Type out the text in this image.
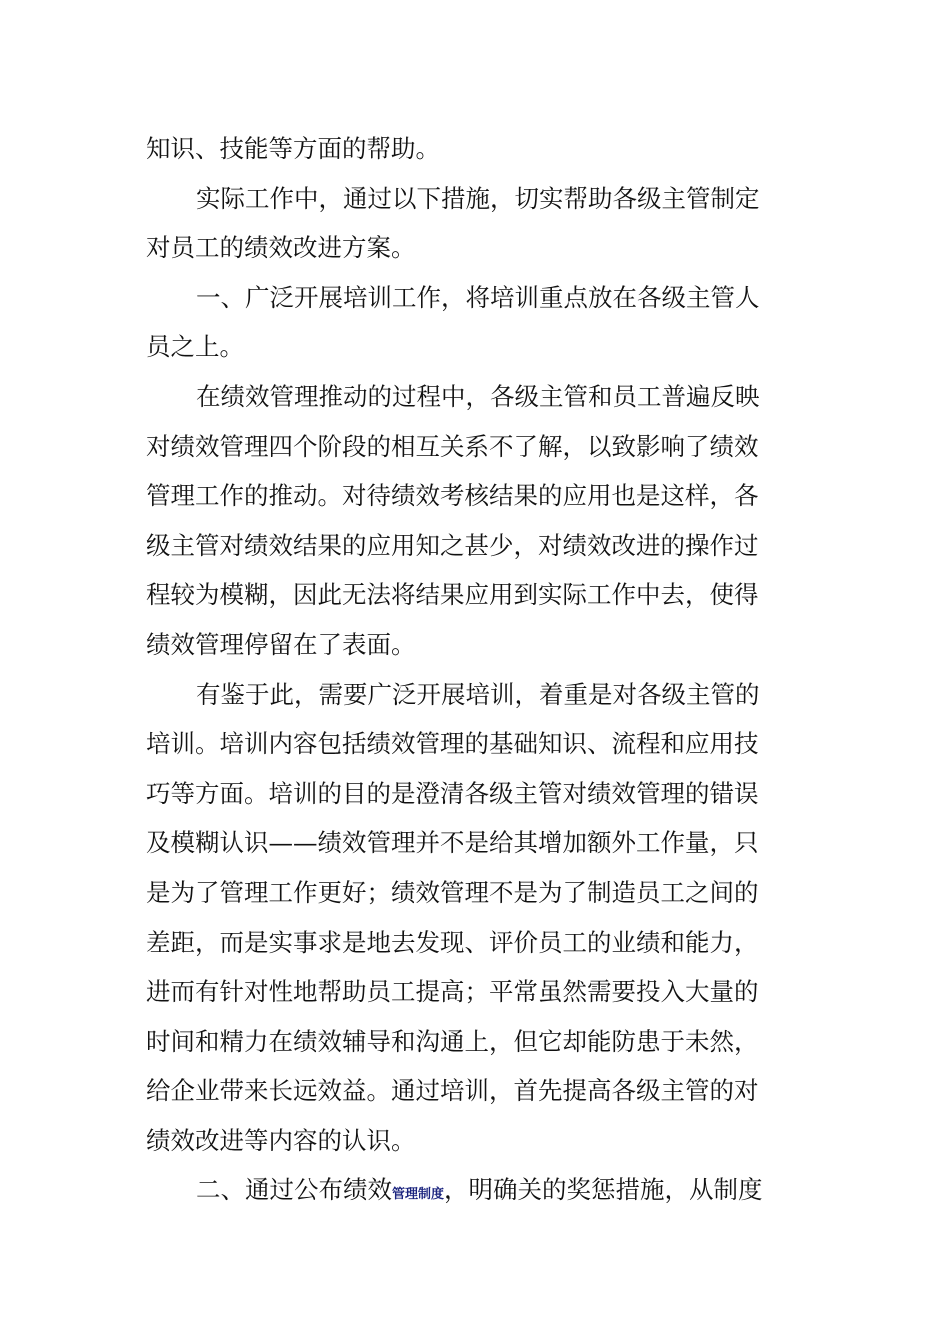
知识、技能等方面的帮助。
实际工作中，通过以下措施，切实帮助各级主管制定
对员工的绩效改进方案。
一、广泛开展培训工作，将培训重点放在各级主管人
员之上。
在绩效管理推动的过程中，各级主管和员工普遍反映
对绩效管理四个阶段的相互关系不了解，以致影响了绩效
管理工作的推动。对待绩效考核结果的应用也是这样，各
级主管对绩效结果的应用知之甚少，对绩效改进的操作过
程较为模糊，因此无法将结果应用到实际工作中去，使得
绩效管理停留在了表面。
有鉴于此，需要广泛开展培训，着重是对各级主管的
培训。培训内容包括绩效管理的基础知识、流程和应用技
巧等方面。培训的目的是澄清各级主管对绩效管理的错误
及模糊认识——绩效管理并不是给其增加额外工作量，只
是为了管理工作更好；绩效管理不是为了制造员工之间的
差距，而是实事求是地去发现、评价员工的业绩和能力，
进而有针对性地帮助员工提高；平常虽然需要投入大量的
时间和精力在绩效辅导和沟通上，但它却能防患于未然，
给企业带来长远效益。通过培训，首先提高各级主管的对
绩效改进等内容的认识。
二、通过公布绩效管理制度，明确关的奖惩措施，从制度
